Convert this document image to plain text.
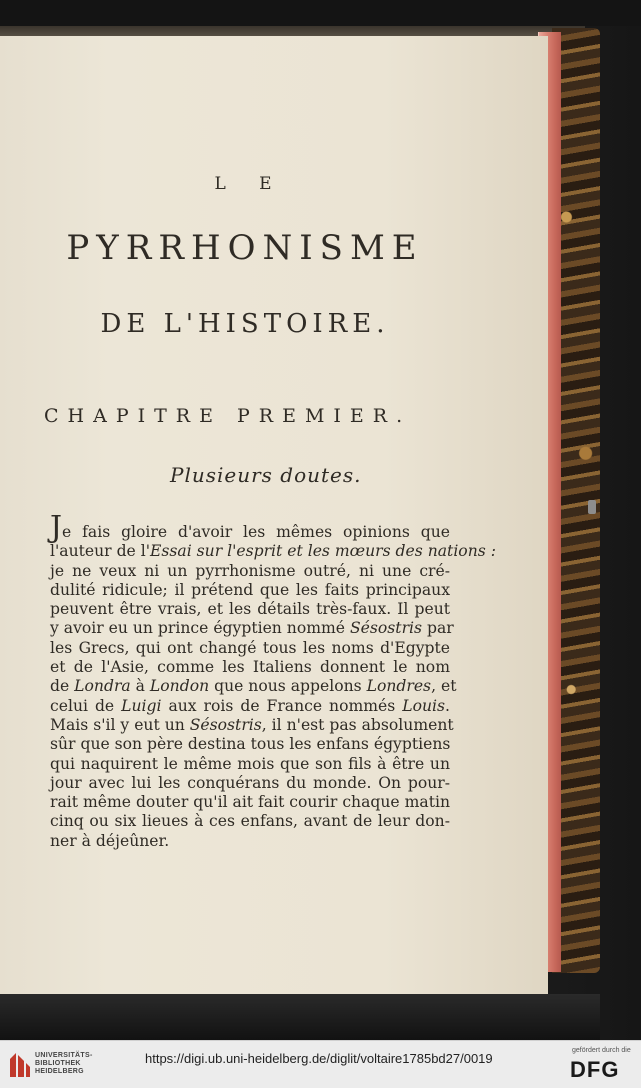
L E

PYRRHONISME

DE L'HISTOIRE.

CHAPITRE PREMIER.

Plusieurs doutes.

Je fais gloire d'avoir les mêmes opinions que
l'auteur de l'Essai sur l'esprit et les mœurs des nations :
je ne veux ni un pyrrhonisme outré, ni une cré-
dulité ridicule; il prétend que les faits principaux
peuvent être vrais, et les détails très-faux. Il peut
y avoir eu un prince égyptien nommé Sésostris par
les Grecs, qui ont changé tous les noms d'Egypte
et de l'Asie, comme les Italiens donnent le nom
de Londra à London que nous appelons Londres, et
celui de Luigi aux rois de France nommés Louis.
Mais s'il y eut un Sésostris, il n'est pas absolument
sûr que son père destina tous les enfans égyptiens
qui naquirent le même mois que son fils à être un
jour avec lui les conquérans du monde. On pour-
rait même douter qu'il ait fait courir chaque matin
cinq ou six lieues à ces enfans, avant de leur don-
ner à déjeûner.
UNIVERSITÄTS-
BIBLIOTHEK
HEIDELBERG
https://digi.ub.uni-heidelberg.de/diglit/voltaire1785bd27/0019
gefördert durch die
DFG
